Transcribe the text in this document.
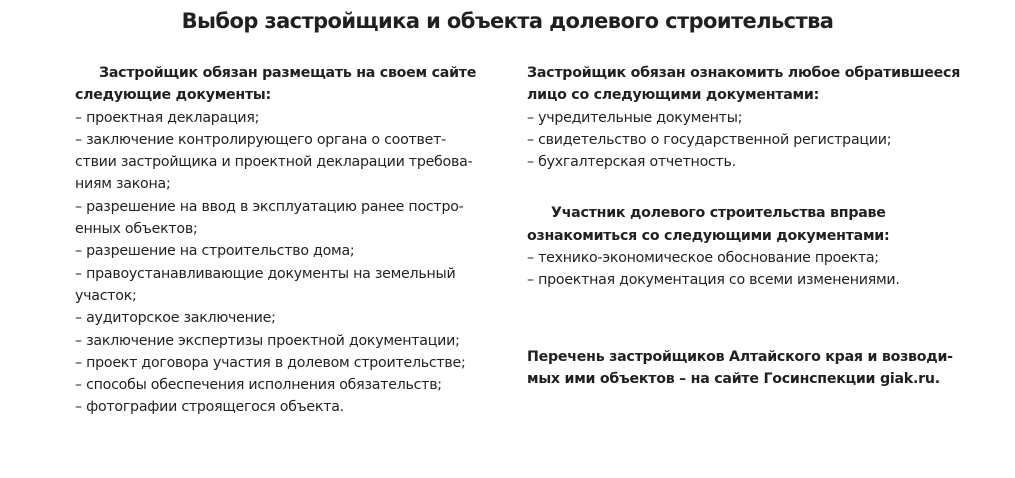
Выбор застройщика и объекта долевого строительства
Застройщик обязан размещать на своем сайте
следующие документы:
– проектная декларация;
– заключение контролирующего органа о соответ-
ствии застройщика и проектной декларации требова-
ниям закона;
– разрешение на ввод в эксплуатацию ранее постро-
енных объектов;
– разрешение на строительство дома;
– правоустанавливающие документы на земельный
участок;
– аудиторское заключение;
– заключение экспертизы проектной документации;
– проект договора участия в долевом строительстве;
– способы обеспечения исполнения обязательств;
– фотографии строящегося объекта.
Застройщик обязан ознакомить любое обратившееся
лицо со следующими документами:
– учредительные документы;
– свидетельство о государственной регистрации;
– бухгалтерская отчетность.
Участник долевого строительства вправе
ознакомиться со следующими документами:
– технико-экономическое обоснование проекта;
– проектная документация со всеми изменениями.
Перечень застройщиков Алтайского края и возводи-
мых ими объектов – на сайте Госинспекции giak.ru.
